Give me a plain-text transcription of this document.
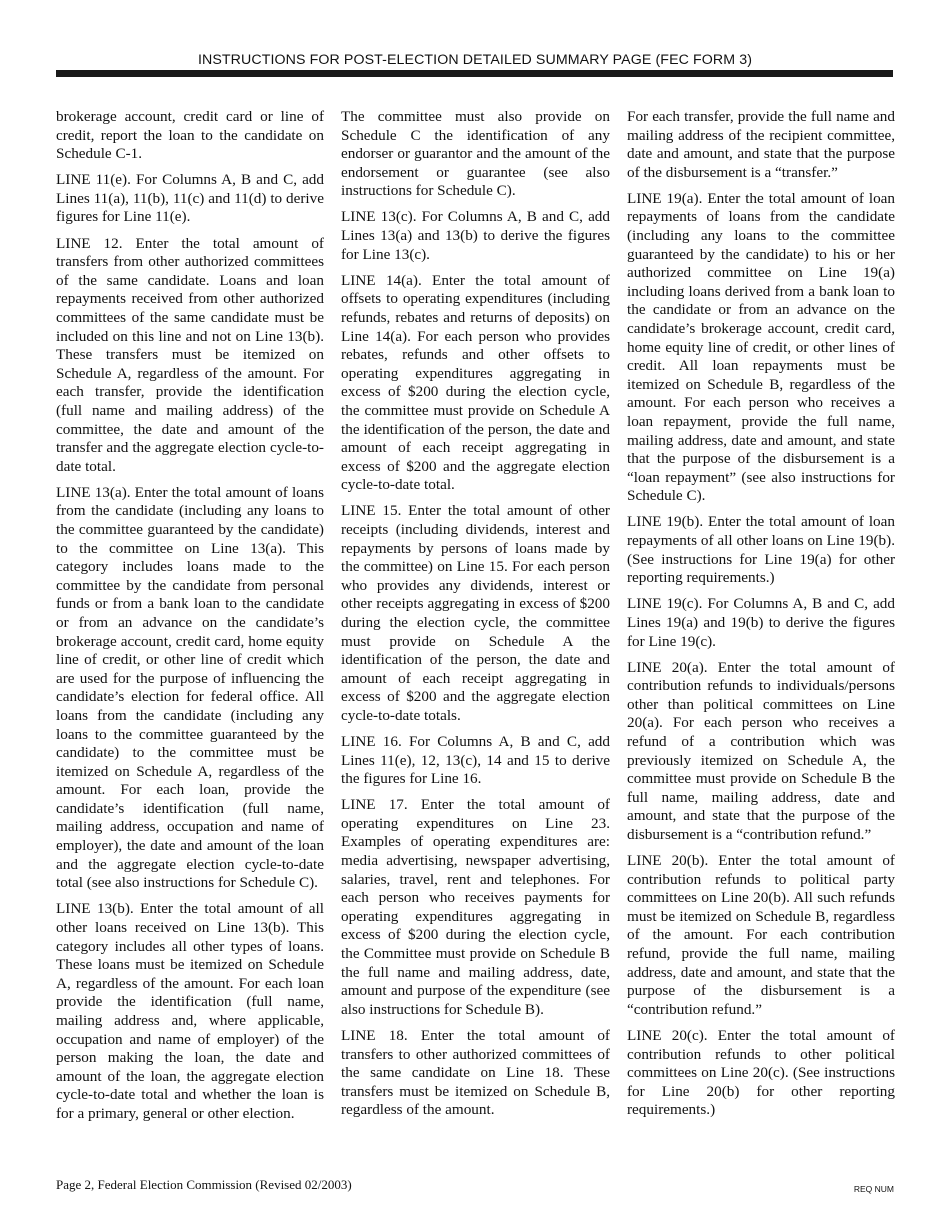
INSTRUCTIONS FOR POST-ELECTION DETAILED SUMMARY PAGE (FEC FORM 3)

brokerage account, credit card or line of credit, report the loan to the candidate on Schedule C-1.

LINE 11(e). For Columns A, B and C, add Lines 11(a), 11(b), 11(c) and 11(d) to derive figures for Line 11(e).

LINE 12. Enter the total amount of transfers from other authorized committees of the same candidate. Loans and loan repayments received from other authorized committees of the same candidate must be included on this line and not on Line 13(b). These transfers must be itemized on Schedule A, regardless of the amount. For each transfer, provide the identification (full name and mailing address) of the committee, the date and amount of the transfer and the aggregate election cycle-to-date total.

LINE 13(a). Enter the total amount of loans from the candidate (including any loans to the committee guaranteed by the candidate) to the committee on Line 13(a). This category includes loans made to the committee by the candidate from personal funds or from a bank loan to the candidate or from an advance on the candidate’s brokerage account, credit card, home equity line of credit, or other line of credit which are used for the purpose of influencing the candidate’s election for federal office. All loans from the candidate (including any loans to the committee guaranteed by the candidate) to the committee must be itemized on Schedule A, regardless of the amount. For each loan, provide the candidate’s identification (full name, mailing address, occupation and name of employer), the date and amount of the loan and the aggregate election cycle-to-date total (see also instructions for Schedule C).

LINE 13(b). Enter the total amount of all other loans received on Line 13(b). This category includes all other types of loans. These loans must be itemized on Schedule A, regardless of the amount. For each loan provide the identification (full name, mailing address and, where applicable, occupation and name of employer) of the person making the loan, the date and amount of the loan, the aggregate election cycle-to-date total and whether the loan is for a primary, general or other election.

The committee must also provide on Schedule C the identification of any endorser or guarantor and the amount of the endorsement or guarantee (see also instructions for Schedule C).

LINE 13(c). For Columns A, B and C, add Lines 13(a) and 13(b) to derive the figures for Line 13(c).

LINE 14(a). Enter the total amount of offsets to operating expenditures (including refunds, rebates and returns of deposits) on Line 14(a). For each person who provides rebates, refunds and other offsets to operating expenditures aggregating in excess of $200 during the election cycle, the committee must provide on Schedule A the identification of the person, the date and amount of each receipt aggregating in excess of $200 and the aggregate election cycle-to-date total.

LINE 15. Enter the total amount of other receipts (including dividends, interest and repayments by persons of loans made by the committee) on Line 15. For each person who provides any dividends, interest or other receipts aggregating in excess of $200 during the election cycle, the committee must provide on Schedule A the identification of the person, the date and amount of each receipt aggregating in excess of $200 and the aggregate election cycle-to-date totals.

LINE 16. For Columns A, B and C, add Lines 11(e), 12, 13(c), 14 and 15 to derive the figures for Line 16.

LINE 17. Enter the total amount of operating expenditures on Line 23. Examples of operating expenditures are: media advertising, newspaper advertising, salaries, travel, rent and telephones. For each person who receives payments for operating expenditures aggregating in excess of $200 during the election cycle, the Committee must provide on Schedule B the full name and mailing address, date, amount and purpose of the expenditure (see also instructions for Schedule B).

LINE 18. Enter the total amount of transfers to other authorized committees of the same candidate on Line 18. These transfers must be itemized on Schedule B, regardless of the amount.

For each transfer, provide the full name and mailing address of the recipient committee, date and amount, and state that the purpose of the disbursement is a “transfer.”

LINE 19(a). Enter the total amount of loan repayments of loans from the candidate (including any loans to the committee guaranteed by the candidate) to his or her authorized committee on Line 19(a) including loans derived from a bank loan to the candidate or from an advance on the candidate’s brokerage account, credit card, home equity line of credit, or other lines of credit. All loan repayments must be itemized on Schedule B, regardless of the amount. For each person who receives a loan repayment, provide the full name, mailing address, date and amount, and state that the purpose of the disbursement is a “loan repayment” (see also instructions for Schedule C).

LINE 19(b). Enter the total amount of loan repayments of all other loans on Line 19(b). (See instructions for Line 19(a) for other reporting requirements.)

LINE 19(c). For Columns A, B and C, add Lines 19(a) and 19(b) to derive the figures for Line 19(c).

LINE 20(a). Enter the total amount of contribution refunds to individuals/persons other than political committees on Line 20(a). For each person who receives a refund of a contribution which was previously itemized on Schedule A, the committee must provide on Schedule B the full name, mailing address, date and amount, and state that the purpose of the disbursement is a “contribution refund.”

LINE 20(b). Enter the total amount of contribution refunds to political party committees on Line 20(b). All such refunds must be itemized on Schedule B, regardless of the amount. For each contribution refund, provide the full name, mailing address, date and amount, and state that the purpose of the disbursement is a “contribution refund.”

LINE 20(c). Enter the total amount of contribution refunds to other political committees on Line 20(c). (See instructions for Line 20(b) for other reporting requirements.)

Page 2, Federal Election Commission (Revised 02/2003)	REQ NUM
